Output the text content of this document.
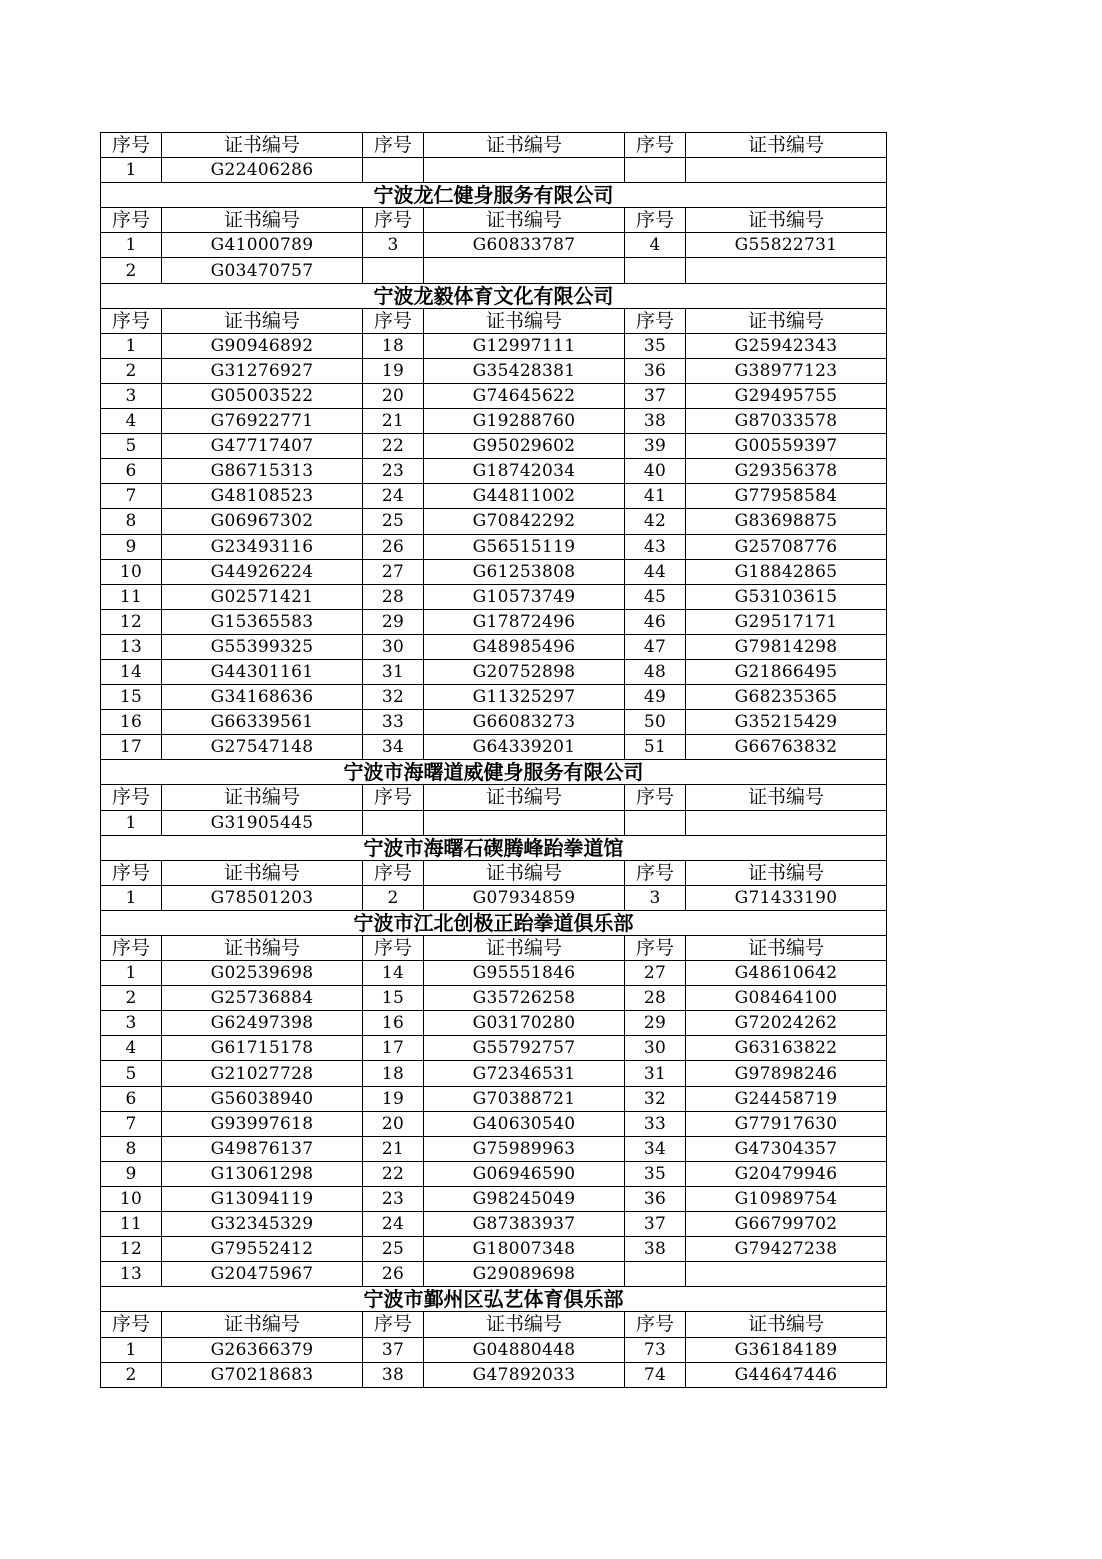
序号	证书编号	序号	证书编号	序号	证书编号
1	G22406286				
宁波龙仁健身服务有限公司					
序号	证书编号	序号	证书编号	序号	证书编号
1	G41000789	3	G60833787	4	G55822731
2	G03470757				
宁波龙毅体育文化有限公司					
序号	证书编号	序号	证书编号	序号	证书编号
1	G90946892	18	G12997111	35	G25942343
2	G31276927	19	G35428381	36	G38977123
3	G05003522	20	G74645622	37	G29495755
4	G76922771	21	G19288760	38	G87033578
5	G47717407	22	G95029602	39	G00559397
6	G86715313	23	G18742034	40	G29356378
7	G48108523	24	G44811002	41	G77958584
8	G06967302	25	G70842292	42	G83698875
9	G23493116	26	G56515119	43	G25708776
10	G44926224	27	G61253808	44	G18842865
11	G02571421	28	G10573749	45	G53103615
12	G15365583	29	G17872496	46	G29517171
13	G55399325	30	G48985496	47	G79814298
14	G44301161	31	G20752898	48	G21866495
15	G34168636	32	G11325297	49	G68235365
16	G66339561	33	G66083273	50	G35215429
17	G27547148	34	G64339201	51	G66763832
宁波市海曙道威健身服务有限公司					
序号	证书编号	序号	证书编号	序号	证书编号
1	G31905445				
宁波市海曙石碶腾峰跆拳道馆					
序号	证书编号	序号	证书编号	序号	证书编号
1	G78501203	2	G07934859	3	G71433190
宁波市江北创极正跆拳道俱乐部					
序号	证书编号	序号	证书编号	序号	证书编号
1	G02539698	14	G95551846	27	G48610642
2	G25736884	15	G35726258	28	G08464100
3	G62497398	16	G03170280	29	G72024262
4	G61715178	17	G55792757	30	G63163822
5	G21027728	18	G72346531	31	G97898246
6	G56038940	19	G70388721	32	G24458719
7	G93997618	20	G40630540	33	G77917630
8	G49876137	21	G75989963	34	G47304357
9	G13061298	22	G06946590	35	G20479946
10	G13094119	23	G98245049	36	G10989754
11	G32345329	24	G87383937	37	G66799702
12	G79552412	25	G18007348	38	G79427238
13	G20475967	26	G29089698		
宁波市鄞州区弘艺体育俱乐部					
序号	证书编号	序号	证书编号	序号	证书编号
1	G26366379	37	G04880448	73	G36184189
2	G70218683	38	G47892033	74	G44647446
